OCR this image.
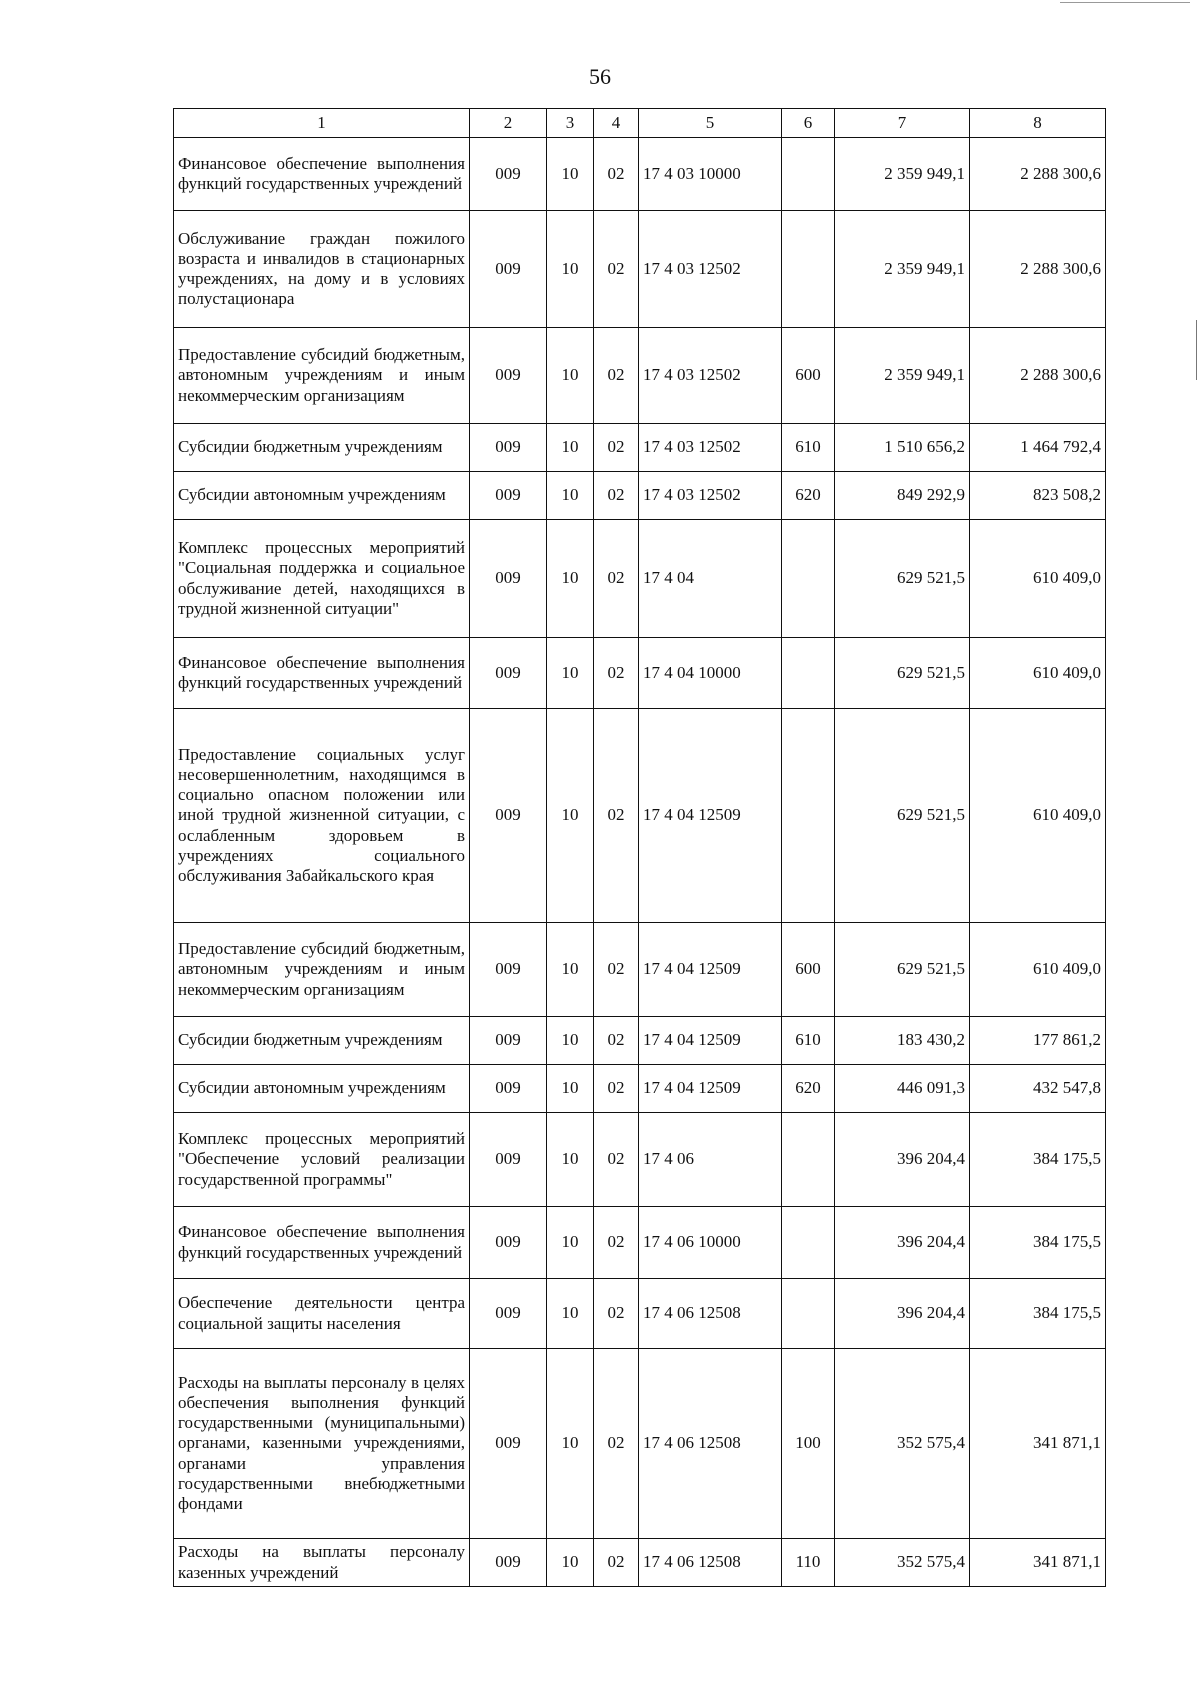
56
1	2	3	4	5	6	7	8
Финансовое обеспечение выполнения функций государственных учреждений	009	10	02	17 4 03 10000		2 359 949,1	2 288 300,6
Обслуживание граждан пожилого возраста и инвалидов в стационарных учреждениях, на дому и в условиях полустационара	009	10	02	17 4 03 12502		2 359 949,1	2 288 300,6
Предоставление субсидий бюджетным, автономным учреждениям и иным некоммерческим организациям	009	10	02	17 4 03 12502	600	2 359 949,1	2 288 300,6
Субсидии бюджетным учреждениям	009	10	02	17 4 03 12502	610	1 510 656,2	1 464 792,4
Субсидии автономным учреждениям	009	10	02	17 4 03 12502	620	849 292,9	823 508,2
Комплекс процессных мероприятий "Социальная поддержка и социальное обслуживание детей, находящихся в трудной жизненной ситуации"	009	10	02	17 4 04		629 521,5	610 409,0
Финансовое обеспечение выполнения функций государственных учреждений	009	10	02	17 4 04 10000		629 521,5	610 409,0
Предоставление социальных услуг несовершеннолетним, находящимся в социально опасном положении или иной трудной жизненной ситуации, с ослабленным здоровьем в учреждениях социального обслуживания Забайкальского края	009	10	02	17 4 04 12509		629 521,5	610 409,0
Предоставление субсидий бюджетным, автономным учреждениям и иным некоммерческим организациям	009	10	02	17 4 04 12509	600	629 521,5	610 409,0
Субсидии бюджетным учреждениям	009	10	02	17 4 04 12509	610	183 430,2	177 861,2
Субсидии автономным учреждениям	009	10	02	17 4 04 12509	620	446 091,3	432 547,8
Комплекс процессных мероприятий "Обеспечение условий реализации государственной программы"	009	10	02	17 4 06		396 204,4	384 175,5
Финансовое обеспечение выполнения функций государственных учреждений	009	10	02	17 4 06 10000		396 204,4	384 175,5
Обеспечение деятельности центра социальной защиты населения	009	10	02	17 4 06 12508		396 204,4	384 175,5
Расходы на выплаты персоналу в целях обеспечения выполнения функций государственными (муниципальными) органами, казенными учреждениями, органами управления государственными внебюджетными фондами	009	10	02	17 4 06 12508	100	352 575,4	341 871,1
Расходы на выплаты персоналу казенных учреждений	009	10	02	17 4 06 12508	110	352 575,4	341 871,1
